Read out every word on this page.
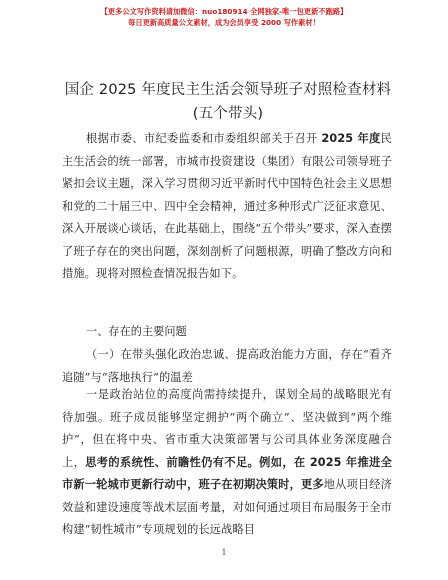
【更多公文写作资料请加微信：nuo180914 全网独家-唯一包更新不跑路】
每日更新高质量公文素材，成为会员享受 2000 写作素材！
国企 2025 年度民主生活会领导班子对照检查材料(五个带头)
根据市委、市纪委监委和市委组织部关于召开 2025 年度民主生活会的统一部署，市城市投资建设（集团）有限公司领导班子紧扣会议主题，深入学习贯彻习近平新时代中国特色社会主义思想和党的二十届三中、四中全会精神，通过多种形式广泛征求意见、深入开展谈心谈话，在此基础上，围绕“五个带头”要求，深入查摆了班子存在的突出问题，深刻剖析了问题根源，明确了整改方向和措施。现将对照检查情况报告如下。
一、存在的主要问题
（一）在带头强化政治忠诚、提高政治能力方面，存在“看齐追随”与“落地执行”的温差
一是政治站位的高度尚需持续提升，谋划全局的战略眼光有待加强。班子成员能够坚定拥护“两个确立”、坚决做到“两个维护”，但在将中央、省市重大决策部署与公司具体业务深度融合上，思考的系统性、前瞻性仍有不足。例如，在 2025 年推进全市新一轮城市更新行动中，班子在初期决策时，更多地从项目经济效益和建设速度等战术层面考量，对如何通过项目布局服务于全市构建“韧性城市”专项规划的长远战略目
1
